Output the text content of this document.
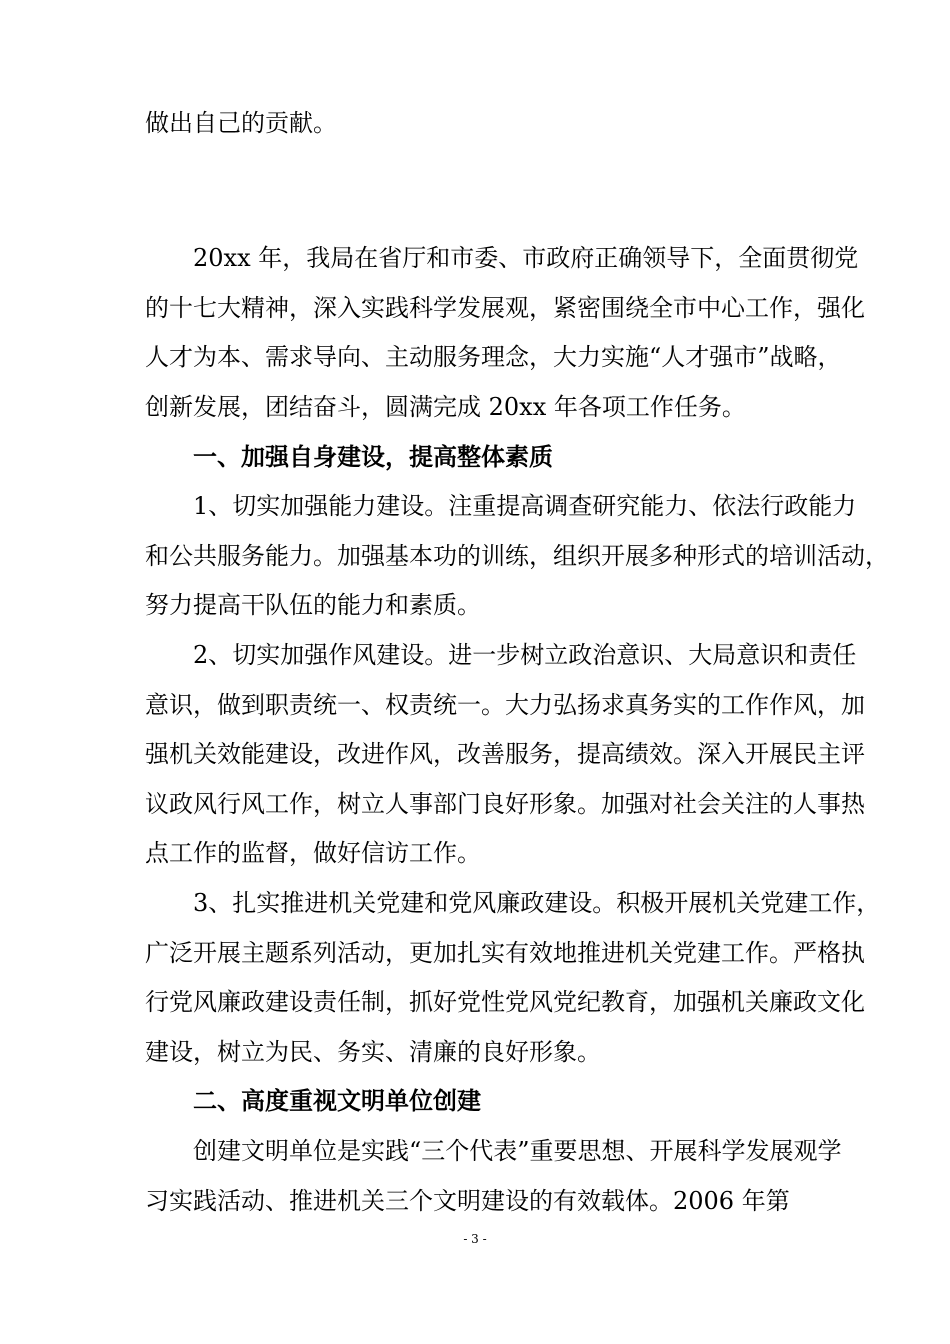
做出自己的贡献。
20xx 年，我局在省厅和市委、市政府正确领导下，全面贯彻党
的十七大精神，深入实践科学发展观，紧密围绕全市中心工作，强化
人才为本、需求导向、主动服务理念，大力实施“人才强市”战略，
创新发展，团结奋斗，圆满完成 20xx 年各项工作任务。
一、加强自身建设，提高整体素质
1、切实加强能力建设。注重提高调查研究能力、依法行政能力
和公共服务能力。加强基本功的训练，组织开展多种形式的培训活动，
努力提高干队伍的能力和素质。
2、切实加强作风建设。进一步树立政治意识、大局意识和责任
意识，做到职责统一、权责统一。大力弘扬求真务实的工作作风，加
强机关效能建设，改进作风，改善服务，提高绩效。深入开展民主评
议政风行风工作，树立人事部门良好形象。加强对社会关注的人事热
点工作的监督，做好信访工作。
3、扎实推进机关党建和党风廉政建设。积极开展机关党建工作，
广泛开展主题系列活动，更加扎实有效地推进机关党建工作。严格执
行党风廉政建设责任制，抓好党性党风党纪教育，加强机关廉政文化
建设，树立为民、务实、清廉的良好形象。
二、高度重视文明单位创建
创建文明单位是实践“三个代表”重要思想、开展科学发展观学
习实践活动、推进机关三个文明建设的有效载体。2006 年第
- 3 -
